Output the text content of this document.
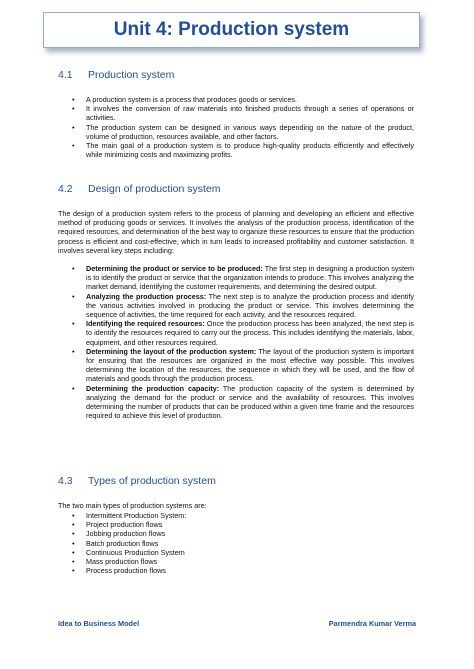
Unit 4: Production system
4.1 Production system
• A production system is a process that produces goods or services.
• It involves the conversion of raw materials into finished products through a series of operations or activities.
• The production system can be designed in various ways depending on the nature of the product, volume of production, resources available, and other factors.
• The main goal of a production system is to produce high-quality products efficiently and effectively while minimizing costs and maximizing profits.
4.2 Design of production system
The design of a production system refers to the process of planning and developing an efficient and effective method of producing goods or services. It involves the analysis of the production process, identification of the required resources, and determination of the best way to organize these resources to ensure that the production process is efficient and cost-effective, which in turn leads to increased profitability and customer satisfaction. It involves several key steps including:
• Determining the product or service to be produced: The first step in designing a production system is to identify the product or service that the organization intends to produce. This involves analyzing the market demand, identifying the customer requirements, and determining the desired output.
• Analyzing the production process: The next step is to analyze the production process and identify the various activities involved in producing the product or service. This involves determining the sequence of activities, the time required for each activity, and the resources required.
• Identifying the required resources: Once the production process has been analyzed, the next step is to identify the resources required to carry out the process. This includes identifying the materials, labor, equipment, and other resources required.
• Determining the layout of the production system: The layout of the production system is important for ensuring that the resources are organized in the most effective way possible. This involves determining the location of the resources, the sequence in which they will be used, and the flow of materials and goods through the production process.
• Determining the production capacity: The production capacity of the system is determined by analyzing the demand for the product or service and the availability of resources. This involves determining the number of products that can be produced within a given time frame and the resources required to achieve this level of production.
4.3 Types of production system
The two main types of production systems are:
• Intermittent Production System:
• Project production flows
• Jobbing production flows
• Batch production flows
• Continuous Production System
• Mass production flows
• Process production flows

Idea to Business Model	Parmendra Kumar Verma
